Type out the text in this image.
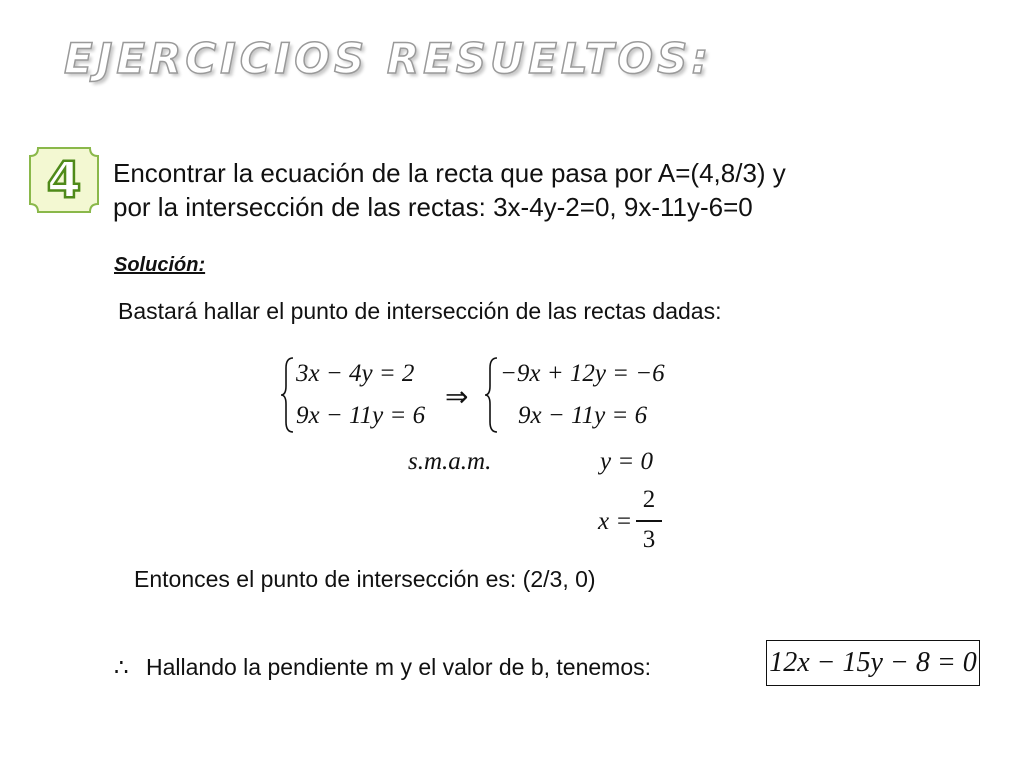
EJERCICIOS RESUELTOS:
4	Encontrar la ecuación de la recta que pasa por A=(4,8/3) y
por la intersección de las rectas: 3x-4y-2=0, 9x-11y-6=0
Solución:
Bastará hallar el punto de intersección de las rectas dadas:
3x − 4y = 2
9x − 11y = 6
⇒
−9x + 12y = −6
9x − 11y = 6
s.m.a.m.	y = 0
x =
2
3
Entonces el punto de intersección es: (2/3, 0)
∴ Hallando la pendiente m y el valor de b, tenemos:	12x − 15y − 8 = 0
